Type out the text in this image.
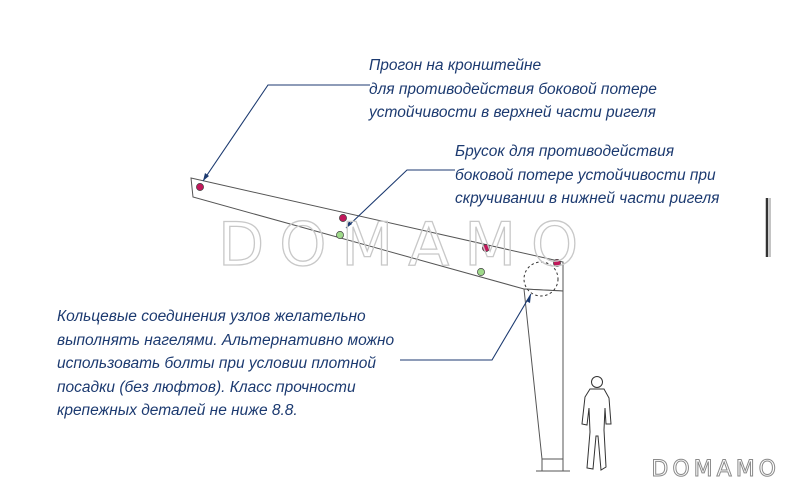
Прогон на кронштейне
для противодействия боковой потере
устойчивости в верхней части ригеля
Брусок для противодействия
боковой потере устойчивости при
скручивании в нижней части ригеля
Кольцевые соединения узлов желательно
выполнять нагелями. Альтернативно можно
использовать болты при условии плотной
посадки (без люфтов). Класс прочности
крепежных деталей не ниже 8.8.
DOMAMO
DOMAMO
